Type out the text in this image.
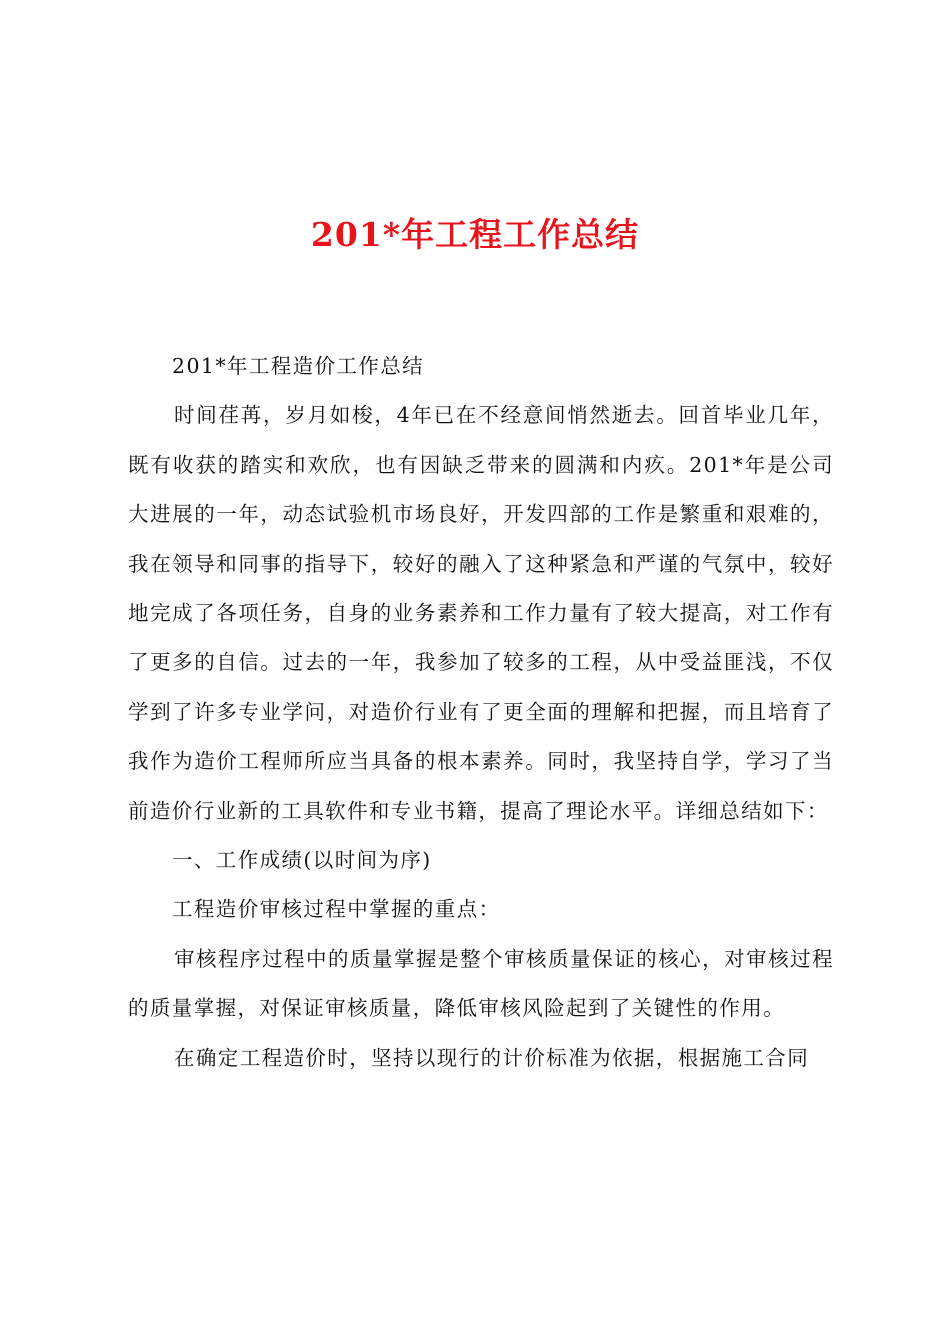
201*年工程工作总结

201*年工程造价工作总结

时间荏苒，岁月如梭，4年已在不经意间悄然逝去。回首毕业几年，既有收获的踏实和欢欣，也有因缺乏带来的圆满和内疚。201*年是公司大进展的一年，动态试验机市场良好，开发四部的工作是繁重和艰难的，我在领导和同事的指导下，较好的融入了这种紧急和严谨的气氛中，较好地完成了各项任务，自身的业务素养和工作力量有了较大提高，对工作有了更多的自信。过去的一年，我参加了较多的工程，从中受益匪浅，不仅学到了许多专业学问，对造价行业有了更全面的理解和把握，而且培育了我作为造价工程师所应当具备的根本素养。同时，我坚持自学，学习了当前造价行业新的工具软件和专业书籍，提高了理论水平。详细总结如下：

一、工作成绩(以时间为序)

工程造价审核过程中掌握的重点：

审核程序过程中的质量掌握是整个审核质量保证的核心，对审核过程的质量掌握，对保证审核质量，降低审核风险起到了关键性的作用。

在确定工程造价时，坚持以现行的计价标准为依据，根据施工合同
